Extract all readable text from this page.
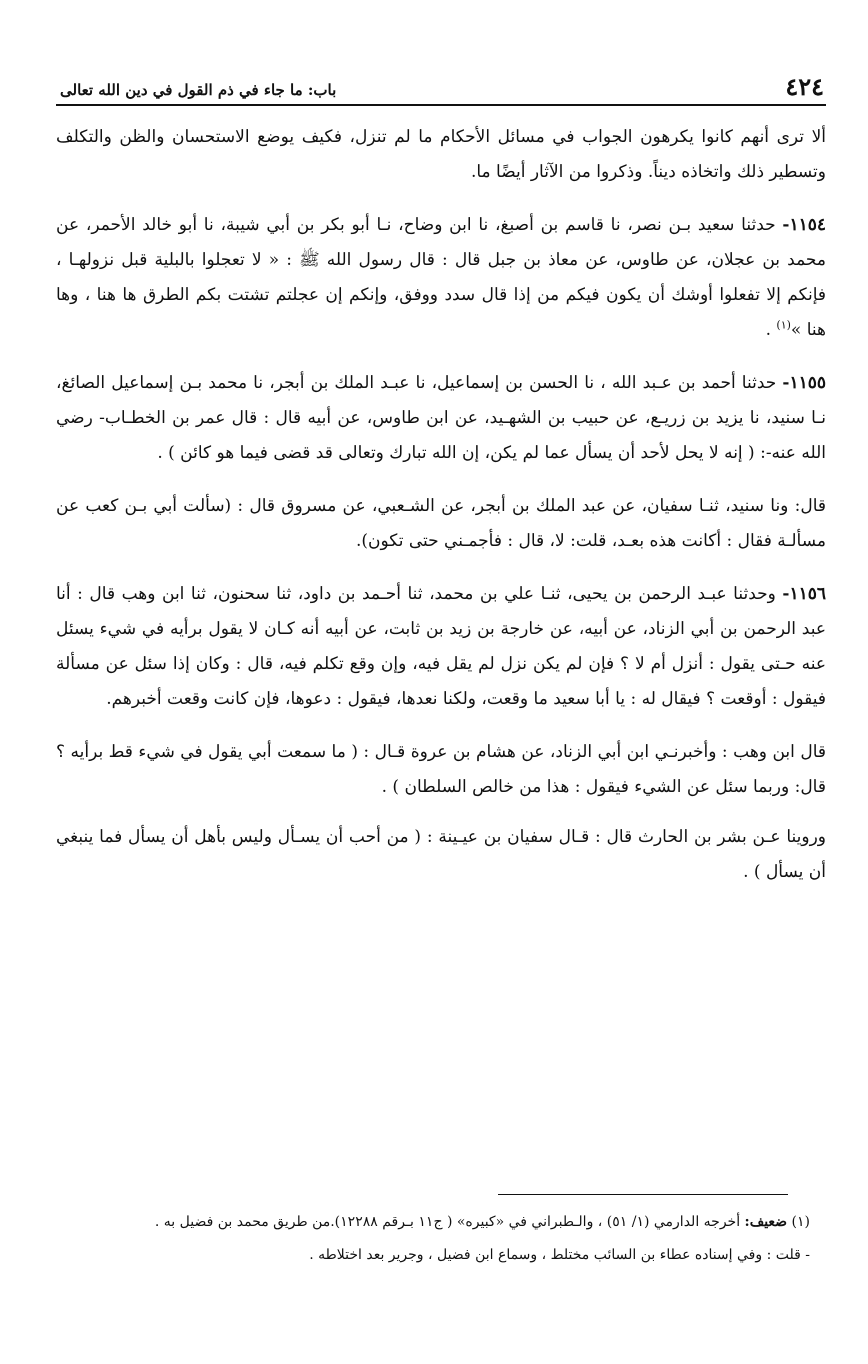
٤٢٤
باب: ما جاء في ذم القول في دين الله تعالى

ألا ترى أنهم كانوا يكرهون الجواب في مسائل الأحكام ما لم تنزل، فكيف يوضع الاستحسان والظن والتكلف وتسطير ذلك واتخاذه ديناً. وذكروا من الآثار أيضًا ما.

١١٥٤- حدثنا سعيد بـن نصر، نا قاسم بن أصبغ، نا ابن وضاح، نـا أبو بكر بن أبي شيبة، نا أبو خالد الأحمر، عن محمد بن عجلان، عن طاوس، عن معاذ بن جبل قال : قال رسول الله ﷺ : « لا تعجلوا بالبلية قبل نزولهـا ، فإنكم إلا تفعلوا أوشك أن يكون فيكم من إذا قال سدد ووفق، وإنكم إن عجلتم تشتت بكم الطرق ها هنا ، وها هنا »$^{(١)}$ .

١١٥٥- حدثنا أحمد بن عـبد الله ، نا الحسن بن إسماعيل، نا عبـد الملك بن أبجر، نا محمد بـن إسماعيل الصائغ، نـا سنيد، نا يزيد بن زريـع، عن حبيب بن الشهـيد، عن ابن طاوس، عن أبيه قال : قال عمر بن الخطـاب- رضي الله عنه-: ( إنه لا يحل لأحد أن يسأل عما لم يكن، إن الله تبارك وتعالى قد قضى فيما هو كائن ) .

قال: ونا سنيد، ثنـا سفيان، عن عبد الملك بن أبجر، عن الشـعبي، عن مسروق قال : (سألت أبي بـن كعب عن مسألـة فقال : أكانت هذه بعـد، قلت: لا، قال : فأجمـني حتى تكون).

١١٥٦- وحدثنا عبـد الرحمن بن يحيى، ثنـا علي بن محمد، ثنا أحـمد بن داود، ثنا سحنون، ثنا ابن وهب قال : أنا عبد الرحمن بن أبي الزناد، عن أبيه، عن خارجة بن زيد بن ثابت، عن أبيه أنه كـان لا يقول برأيه في شيء يسئل عنه حـتى يقول : أنزل أم لا ؟ فإن لم يكن نزل لم يقل فيه، وإن وقع تكلم فيه، قال : وكان إذا سئل عن مسألة فيقول : أوقعت ؟ فيقال له : يا أبا سعيد ما وقعت، ولكنا نعدها، فيقول : دعوها، فإن كانت وقعت أخبرهم.

قال ابن وهب : وأخبرنـي ابن أبي الزناد، عن هشام بن عروة قـال : ( ما سمعت أبي يقول في شيء قط برأيه ؟ قال: وربما سئل عن الشيء فيقول : هذا من خالص السلطان ) .

وروينا عـن بشر بن الحارث قال : قـال سفيان بن عيـينة : ( من أحب أن يسـأل وليس بأهل أن يسأل فما ينبغي أن يسأل ) .

(١) ضعيف: أخرجه الدارمي (١/ ٥١) ، والـطبراني في «كبيره» ( ج١١ بـرقم ١٢٢٨٨).من طريق محمد بن فضيل به .

- قلت : وفي إسناده عطاء بن السائب مختلط ، وسماع ابن فضيل ، وجرير بعد اختلاطه .
